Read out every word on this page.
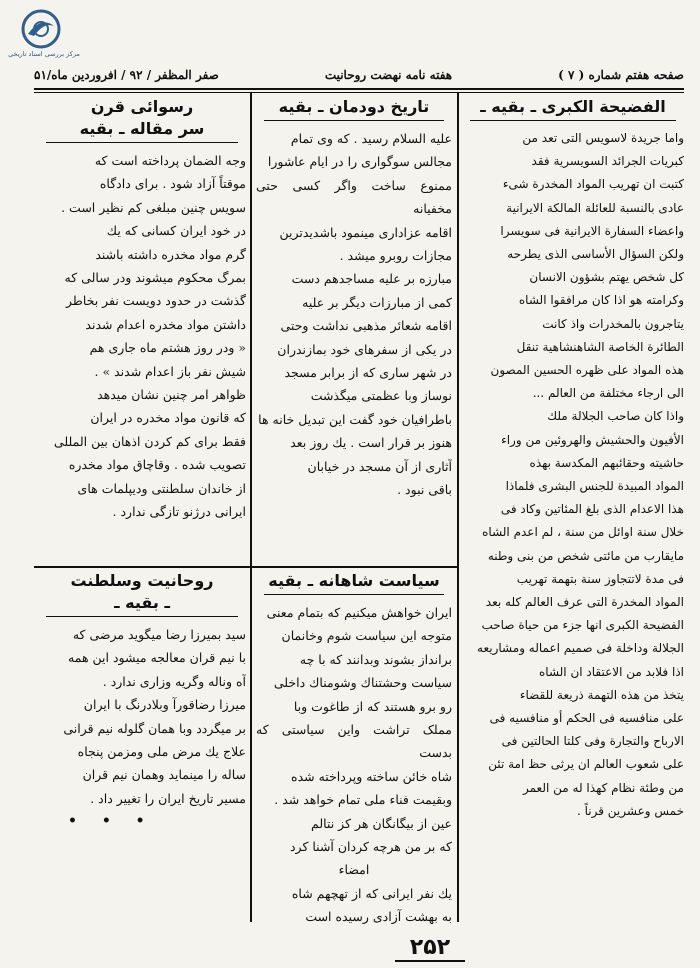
مرکز بررسی اسناد تاریخی
صفحه هفتم شماره ( ۷ )
هفته نامه نهضت روحانیت
صفر المظفر / ۹۲ / افروردین ماه/۵۱
الفضیحة الکبری ـ بقیه ـ

واما جریدة لاسویس التی تعد من

کبریات الجرائد السویسریة فقد

کتبت ان تهریب المواد المخدرة شیء

عادی بالنسبة للعائلة المالکة الایرانیة

واعضاء السفارة الایرانیة فی سویسرا

ولکن السؤال الأساسی الذی یطرحه

کل شخص یهتم بشؤون الانسان

وکرامته هو اذا کان مرافقوا الشاه

یتاجرون بالمخدرات واذ کانت

الطائرة الخاصة الشاهنشاهیة تنقل

هذه المواد علی ظهره الحسین المصون

الی ارجاء مختلفة من العالم ...

واذا کان صاحب الجلالة ملك

الأفیون والحشیش والهروئین من وراء

حاشیته وحقائبهم المکدسة بهذه

المواد المبیدة للجنس البشری فلماذا

هذا الاعدام الذی بلغ المئاتین وکاد فی

خلال سنة اوائل من سنة ، لم اعدم الشاه

مایقارب من مائتی شخص من بنی وطنه

فی مدة لاتتجاوز سنة بتهمة تهریب

المواد المخدرة التی عرف العالم کله بعد

الفضیحة الکبری انها جزء من حیاة صاحب

الجلالة وداخلة فی صمیم اعماله ومشاریعه

اذا فلابد من الاعتقاد ان الشاه

یتخذ من هذه التهمة ذریعة للقضاء

علی منافسیه فی الحکم أو منافسیه فی

الارباح والتجارة وفی کلتا الحالتین فی

علی شعوب العالم ان یرثی حظ امة تئن

من وطئة نظام کهذا له من العمر

خمس وعشرین قرناً .

تاریخ دودمان ـ بقیه

علیه السلام رسید . که وی تمام

مجالس سوگواری را در ایام عاشورا

ممنوع ساخت واگر کسی حتی مخفیانه

اقامه عزاداری مینمود باشدیدترین

مجازات روبرو میشد .

مبارزه بر علیه مساجدهم دست

کمی از مبارزات دیگر بر علیه

اقامه شعائر مذهبی نداشت وحتی

در یکی از سفرهای خود بمازندران

در شهر ساری که از برابر مسجد

نوساز وبا عظمتی میگذشت

باطرافیان خود گفت این تبدیل خانه ها

هنوز بر قرار است . یك روز بعد

آثاری از آن مسجد در خیابان

باقی نبود .

رسوائی قرن
سر مقاله ـ بقیه

وجه الضمان پرداخته است که

موقتاً آزاد شود . برای دادگاه

سویس چنین مبلغی کم نظیر است .

در خود ایران کسانی که یك

گرم مواد مخدره داشته باشند

بمرگ محکوم میشوند ودر سالی که

گذشت در حدود دویست نفر بخاطر

داشتن مواد مخدره اعدام شدند

« ودر روز هشتم ماه جاری هم

شیش نفر باز اعدام شدند » .

ظواهر امر چنین نشان میدهد

که قانون مواد مخدره در ایران

فقط برای کم کردن اذهان بین المللی

تصویب شده . وقاچاق مواد مخدره

از خاندان سلطنتی ودیپلمات های

ایرانی درژنو تازگی ندارد .

سیاست شاهانه ـ بقیه

ایران خواهش میکنیم که بتمام معنی

متوجه این سیاست شوم وخانمان

برانداز بشوند وبدانند که با چه

سیاست وحشتناك وشومناك داخلی

رو برو هستند که از طاغوت وبا

مملک تراشت واین سیاستی که بدست

شاه خائن ساخته وپرداخته شده

وبقیمت فناء ملی تمام خواهد شد .

عین از بیگانگان هر کز نتالم

که بر من هرچه کردان آشنا کرد

امضاء

یك نفر ایرانی که از تهچهم شاه

به بهشت آزادی رسیده است

روحانیت وسلطنت
ـ بقیه ـ

سید بمیرزا رضا میگوید مرضی که

با نیم قران معالجه میشود این همه

آه وناله وگریه وزاری ندارد .

میرزا رضاقورآ وبلادرنگ با ایران

بر میگردد وبا همان گلوله نیم قرانی

علاج یك مرض ملی ومزمن پنجاه

ساله را مینماید وهمان نیم قران

مسیر تاریخ ایران را تغییر داد .

• • •

۲۵۲
